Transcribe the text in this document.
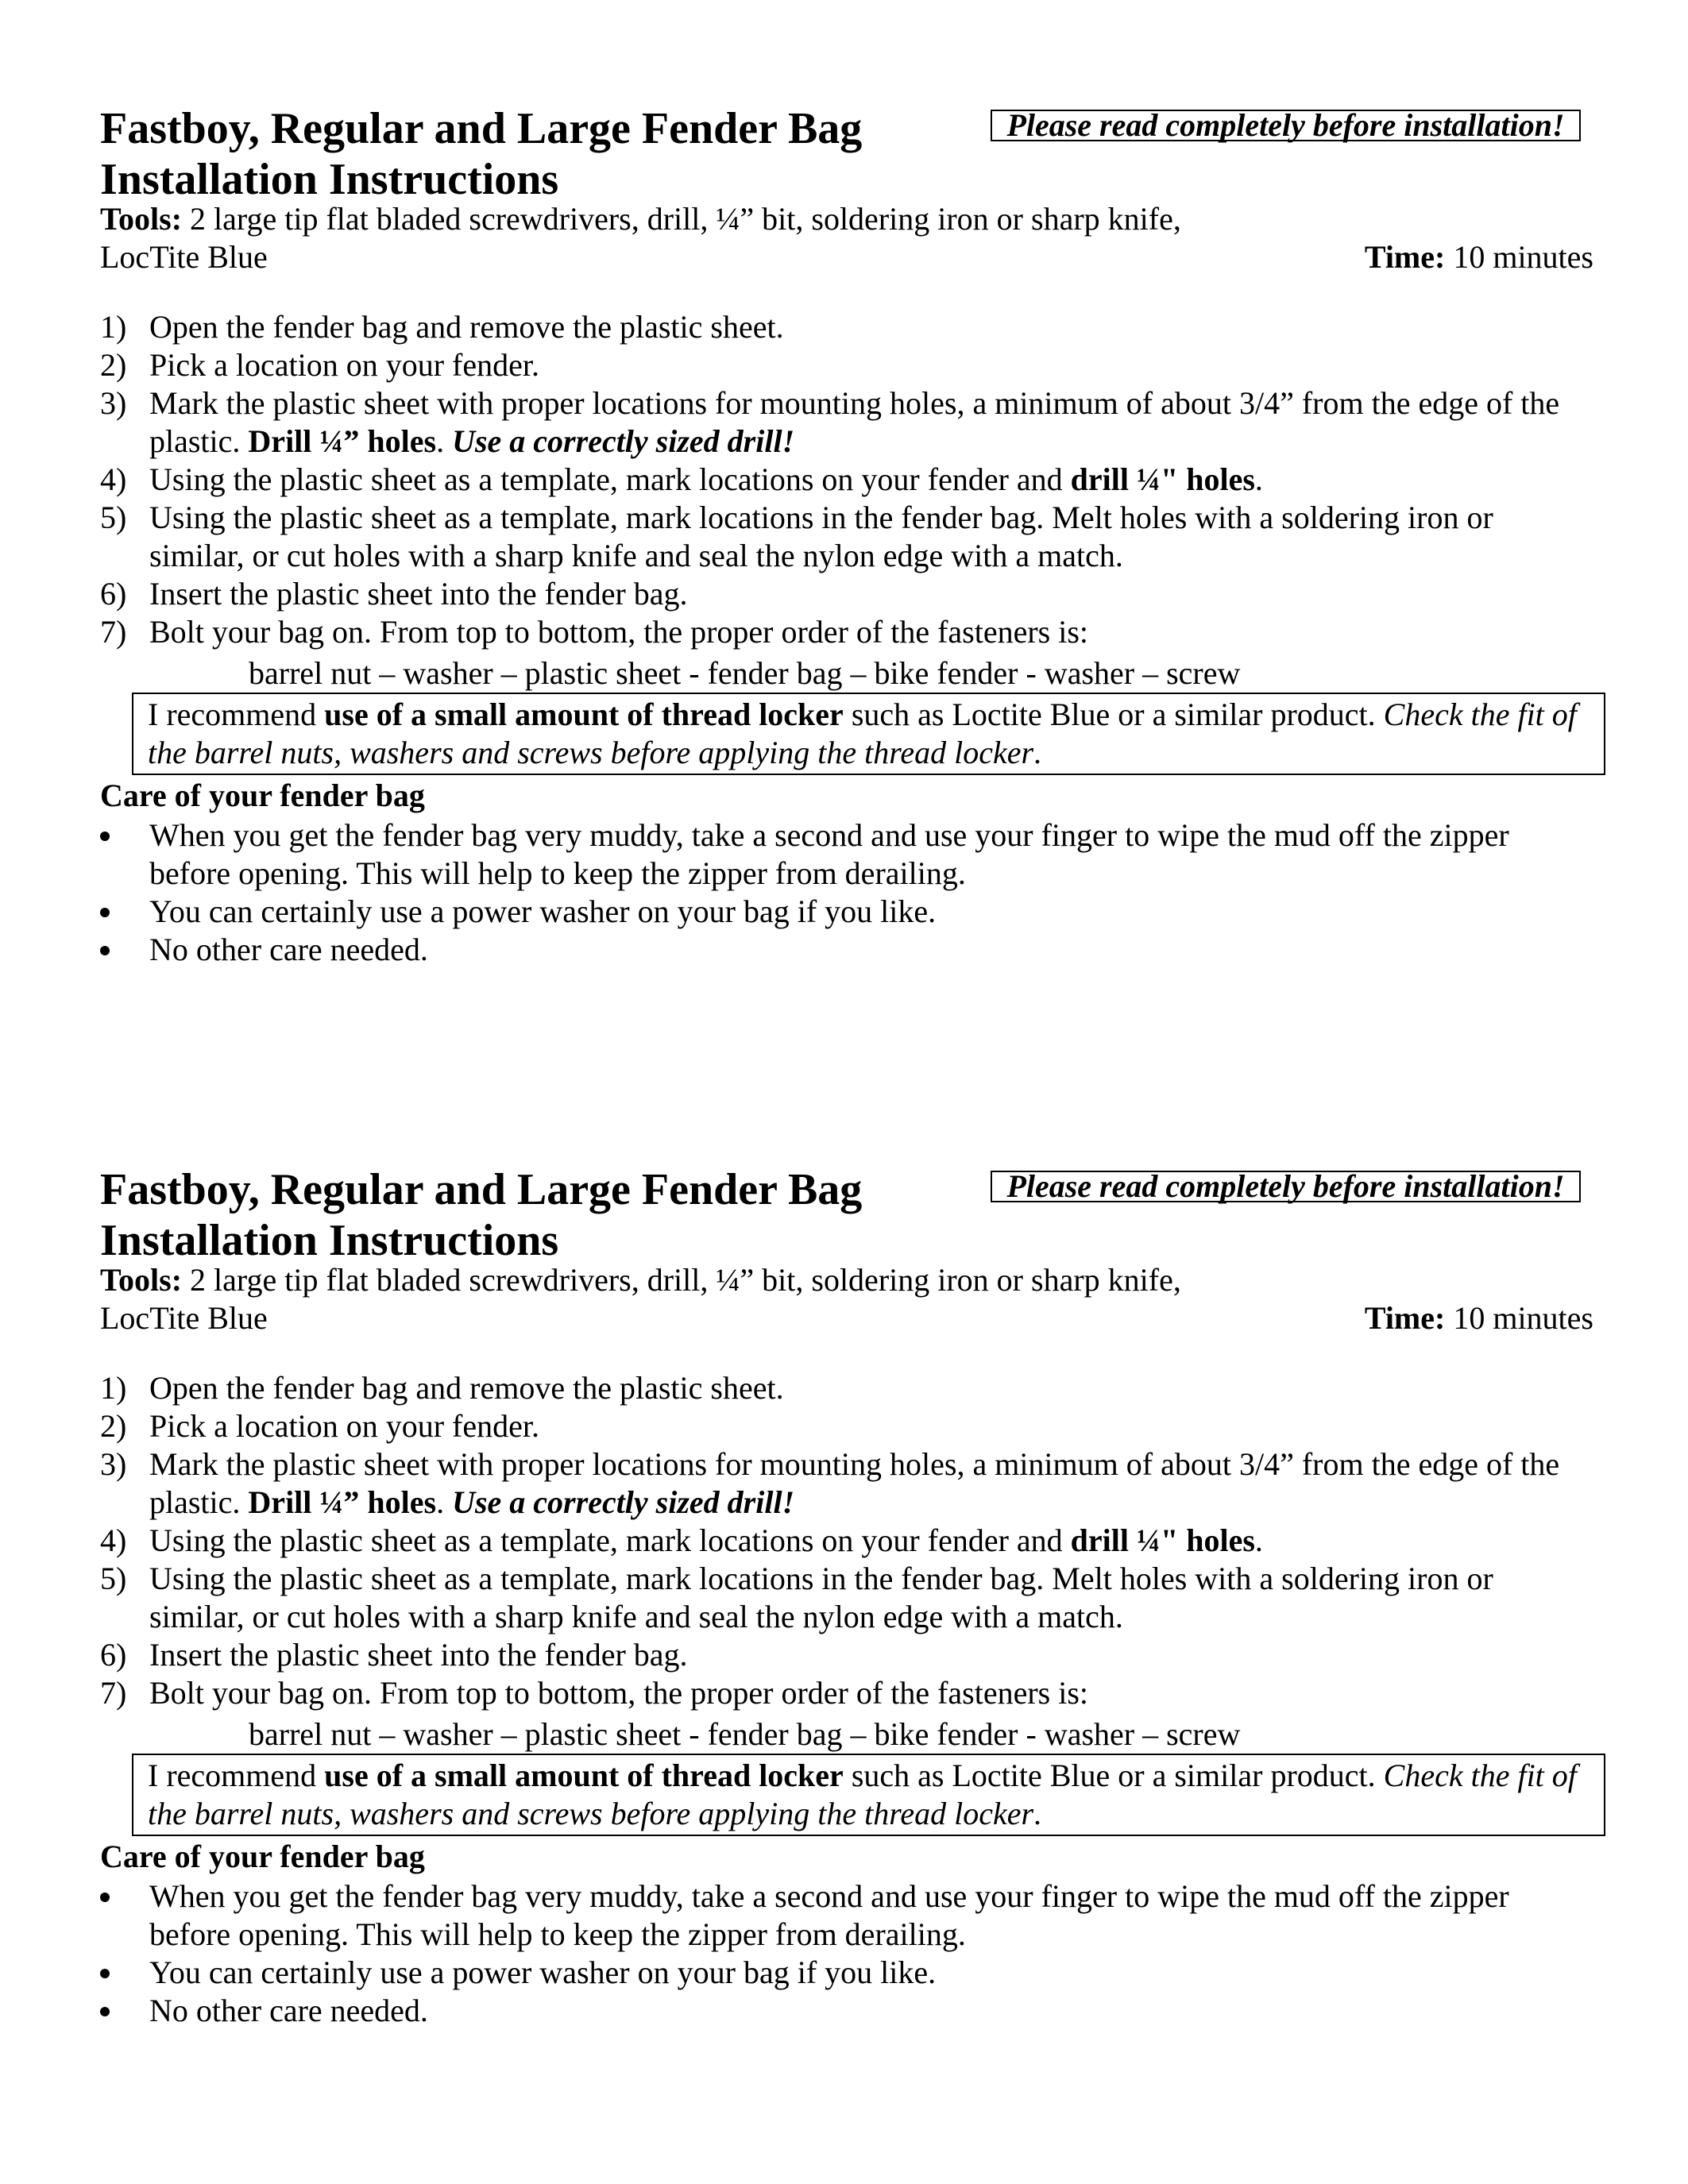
Fastboy, Regular and Large Fender Bag
Installation Instructions
Please read completely before installation!
Tools: 2 large tip flat bladed screwdrivers, drill, ¼” bit, soldering iron or sharp knife,
LocTite Blue	Time: 10 minutes
1) Open the fender bag and remove the plastic sheet.
2) Pick a location on your fender.
3) Mark the plastic sheet with proper locations for mounting holes, a minimum of about 3/4” from the edge of the plastic. Drill ¼” holes. Use a correctly sized drill!
4) Using the plastic sheet as a template, mark locations on your fender and drill ¼" holes.
5) Using the plastic sheet as a template, mark locations in the fender bag. Melt holes with a soldering iron or similar, or cut holes with a sharp knife and seal the nylon edge with a match.
6) Insert the plastic sheet into the fender bag.
7) Bolt your bag on. From top to bottom, the proper order of the fasteners is:
barrel nut – washer – plastic sheet - fender bag – bike fender - washer – screw
I recommend use of a small amount of thread locker such as Loctite Blue or a similar product. Check the fit of the barrel nuts, washers and screws before applying the thread locker.
Care of your fender bag
When you get the fender bag very muddy, take a second and use your finger to wipe the mud off the zipper before opening. This will help to keep the zipper from derailing.
You can certainly use a power washer on your bag if you like.
No other care needed.
Fastboy, Regular and Large Fender Bag
Installation Instructions
Please read completely before installation!
Tools: 2 large tip flat bladed screwdrivers, drill, ¼” bit, soldering iron or sharp knife,
LocTite Blue	Time: 10 minutes
1) Open the fender bag and remove the plastic sheet.
2) Pick a location on your fender.
3) Mark the plastic sheet with proper locations for mounting holes, a minimum of about 3/4” from the edge of the plastic. Drill ¼” holes. Use a correctly sized drill!
4) Using the plastic sheet as a template, mark locations on your fender and drill ¼" holes.
5) Using the plastic sheet as a template, mark locations in the fender bag. Melt holes with a soldering iron or similar, or cut holes with a sharp knife and seal the nylon edge with a match.
6) Insert the plastic sheet into the fender bag.
7) Bolt your bag on. From top to bottom, the proper order of the fasteners is:
barrel nut – washer – plastic sheet - fender bag – bike fender - washer – screw
I recommend use of a small amount of thread locker such as Loctite Blue or a similar product. Check the fit of the barrel nuts, washers and screws before applying the thread locker.
Care of your fender bag
When you get the fender bag very muddy, take a second and use your finger to wipe the mud off the zipper before opening. This will help to keep the zipper from derailing.
You can certainly use a power washer on your bag if you like.
No other care needed.
